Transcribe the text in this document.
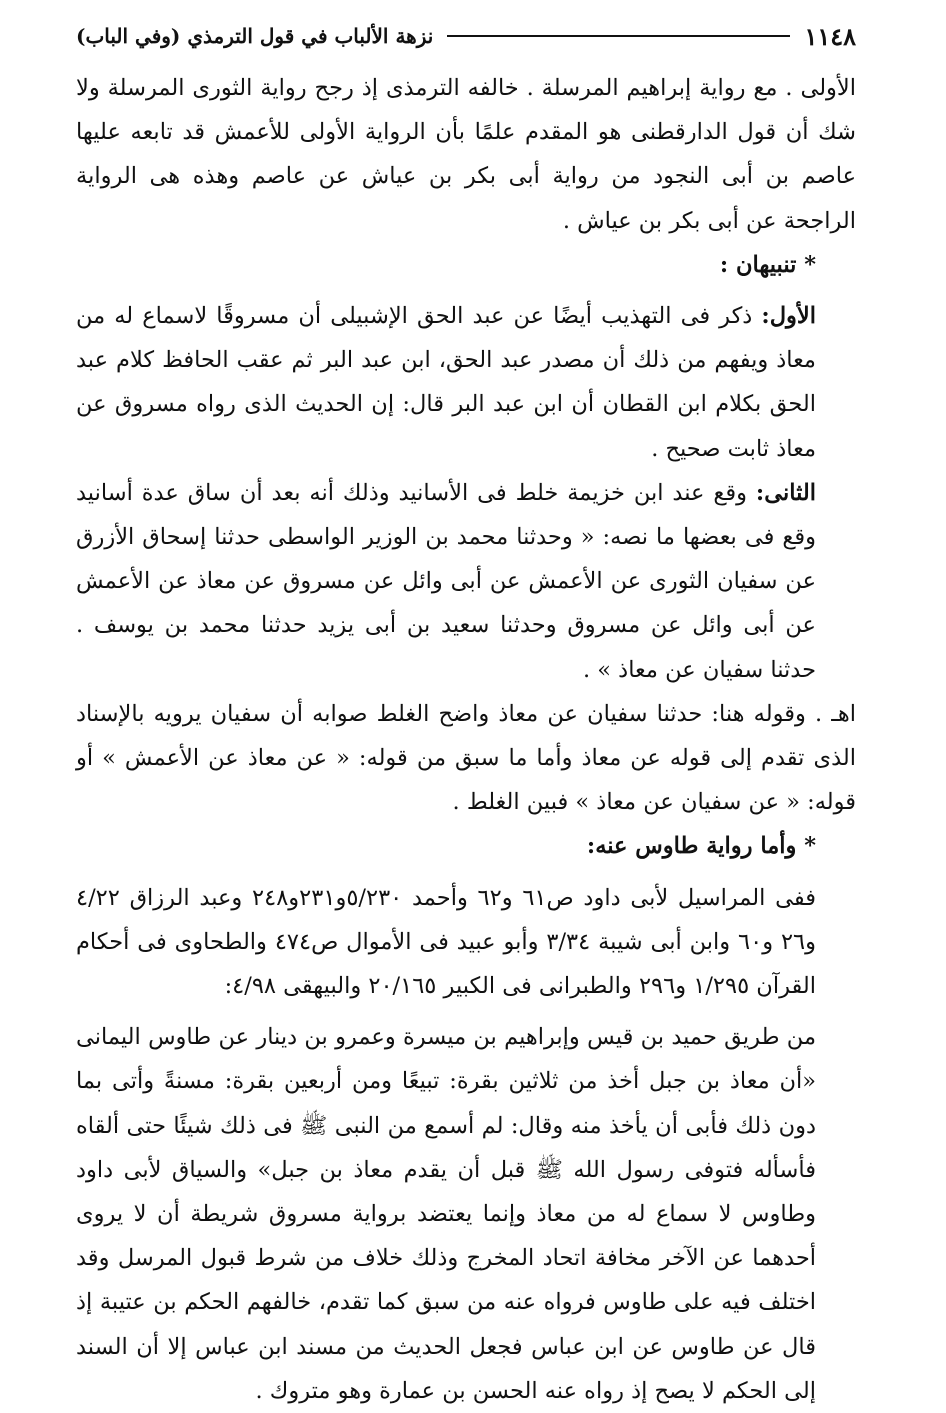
١١٤٨
نزهة الألباب في قول الترمذي (وفي الباب)

الأولى . مع رواية إبراهيم المرسلة . خالفه الترمذى إذ رجح رواية الثورى المرسلة ولا شك أن قول الدارقطنى هو المقدم علمًا بأن الرواية الأولى للأعمش قد تابعه عليها عاصم بن أبى النجود من رواية أبى بكر بن عياش عن عاصم وهذه هى الرواية الراجحة عن أبى بكر بن عياش .

* تنبيهان :

الأول: ذكر فى التهذيب أيضًا عن عبد الحق الإشبيلى أن مسروقًا لاسماع له من معاذ ويفهم من ذلك أن مصدر عبد الحق، ابن عبد البر ثم عقب الحافظ كلام عبد الحق بكلام ابن القطان أن ابن عبد البر قال: إن الحديث الذى رواه مسروق عن معاذ ثابت صحيح .

الثانى: وقع عند ابن خزيمة خلط فى الأسانيد وذلك أنه بعد أن ساق عدة أسانيد وقع فى بعضها ما نصه: « وحدثنا محمد بن الوزير الواسطى حدثنا إسحاق الأزرق عن سفيان الثورى عن الأعمش عن أبى وائل عن مسروق عن معاذ عن الأعمش عن أبى وائل عن مسروق وحدثنا سعيد بن أبى يزيد حدثنا محمد بن يوسف . حدثنا سفيان عن معاذ » .

اهـ . وقوله هنا: حدثنا سفيان عن معاذ واضح الغلط صوابه أن سفيان يرويه بالإسناد الذى تقدم إلى قوله عن معاذ وأما ما سبق من قوله: « عن معاذ عن الأعمش » أو قوله: « عن سفيان عن معاذ » فبين الغلط .

* وأما رواية طاوس عنه:

ففى المراسيل لأبى داود ص٦١ و٦٢ وأحمد ٥/٢٣٠و٢٣١و٢٤٨ وعبد الرزاق ٤/٢٢ و٢٦ و٦٠ وابن أبى شيبة ٣/٣٤ وأبو عبيد فى الأموال ص٤٧٤ والطحاوى فى أحكام القرآن ١/٢٩٥ و٢٩٦ والطبرانى فى الكبير ٢٠/١٦٥ والبيهقى ٤/٩٨:

من طريق حميد بن قيس وإبراهيم بن ميسرة وعمرو بن دينار عن طاوس اليمانى «أن معاذ بن جبل أخذ من ثلاثين بقرة: تبيعًا ومن أربعين بقرة: مسنةً وأتى بما دون ذلك فأبى أن يأخذ منه وقال: لم أسمع من النبى ﷺ فى ذلك شيئًا حتى ألقاه فأسأله فتوفى رسول الله ﷺ قبل أن يقدم معاذ بن جبل» والسياق لأبى داود وطاوس لا سماع له من معاذ وإنما يعتضد برواية مسروق شريطة أن لا يروى أحدهما عن الآخر مخافة اتحاد المخرج وذلك خلاف من شرط قبول المرسل وقد اختلف فيه على طاوس فرواه عنه من سبق كما تقدم، خالفهم الحكم بن عتيبة إذ قال عن طاوس عن ابن عباس فجعل الحديث من مسند ابن عباس إلا أن السند إلى الحكم لا يصح إذ رواه عنه الحسن بن عمارة وهو متروك .
